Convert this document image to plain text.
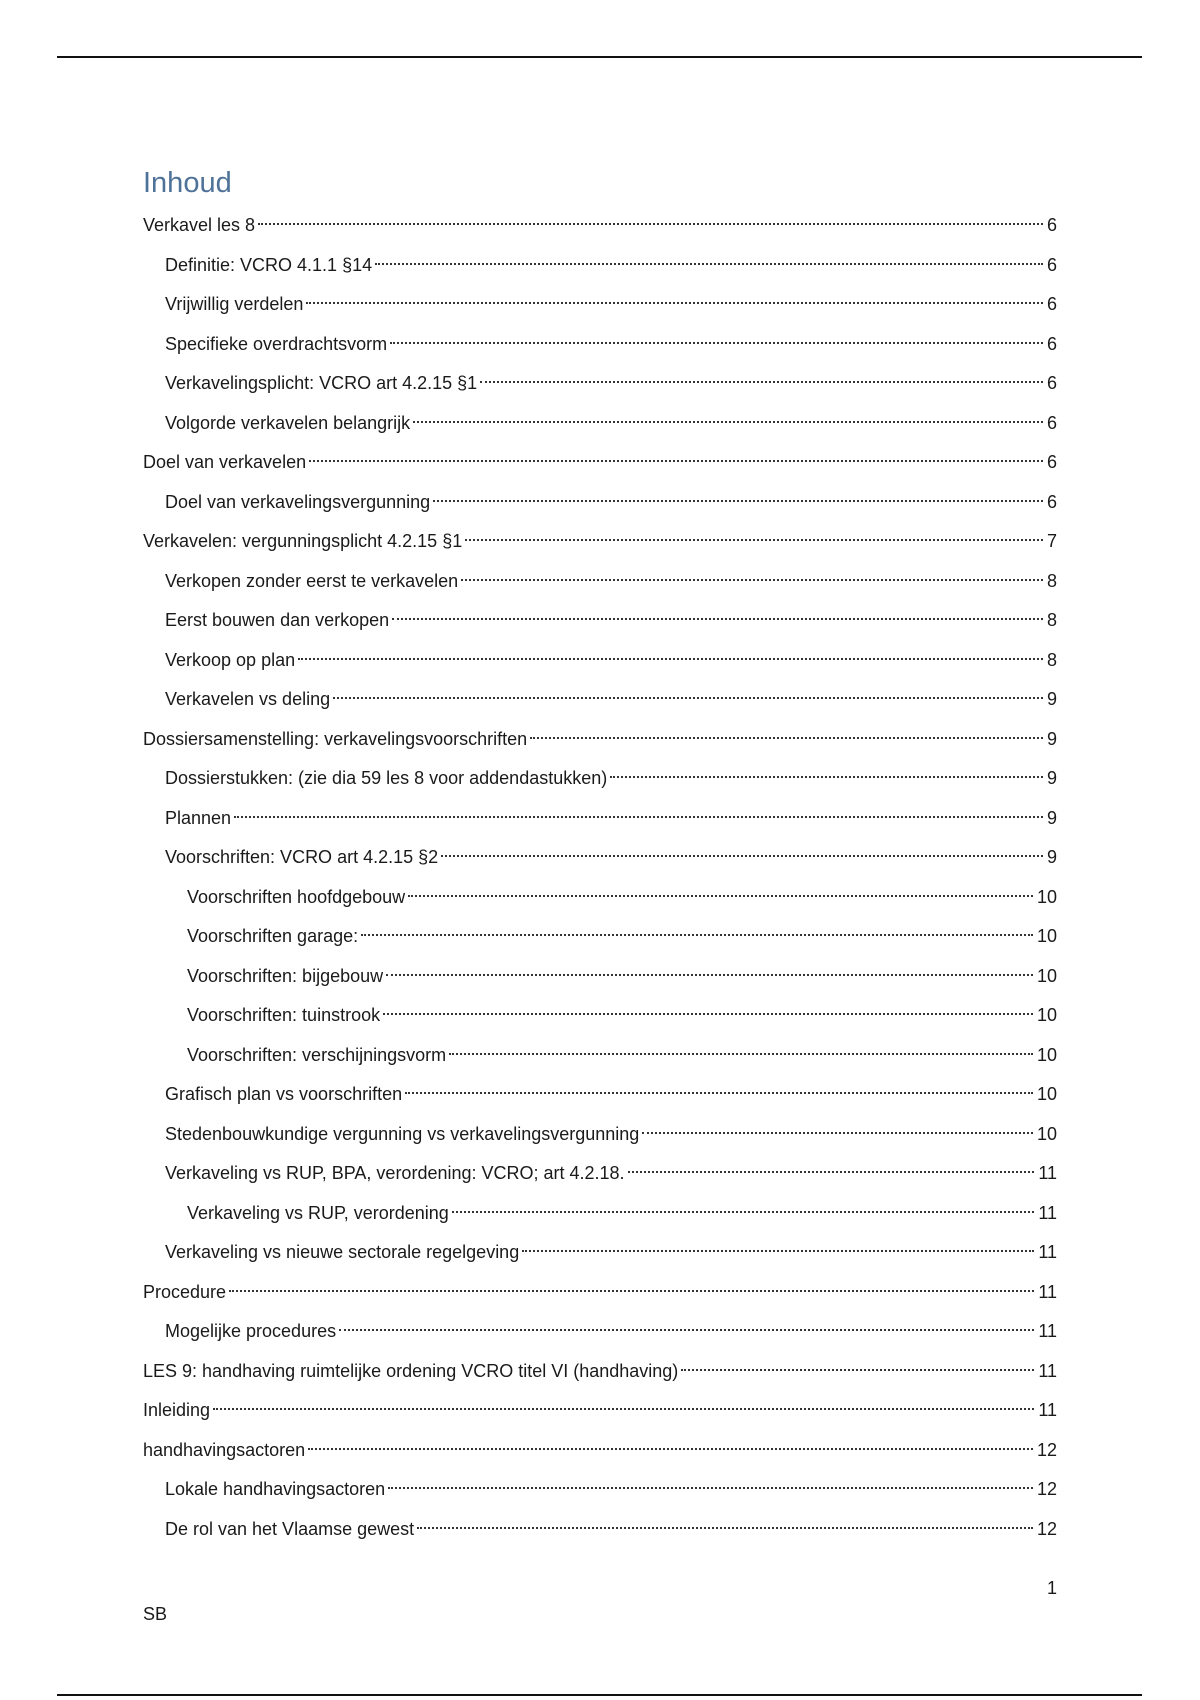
Inhoud
Verkavel les 8	6
Definitie: VCRO 4.1.1 §14	6
Vrijwillig verdelen	6
Specifieke overdrachtsvorm	6
Verkavelingsplicht: VCRO art 4.2.15 §1	6
Volgorde verkavelen belangrijk	6
Doel van verkavelen	6
Doel van verkavelingsvergunning	6
Verkavelen: vergunningsplicht 4.2.15 §1	7
Verkopen zonder eerst te verkavelen	8
Eerst bouwen dan verkopen	8
Verkoop op plan	8
Verkavelen vs deling	9
Dossiersamenstelling: verkavelingsvoorschriften	9
Dossierstukken: (zie dia 59 les 8 voor addendastukken)	9
Plannen	9
Voorschriften: VCRO art 4.2.15 §2	9
Voorschriften hoofdgebouw	10
Voorschriften garage:	10
Voorschriften: bijgebouw	10
Voorschriften: tuinstrook	10
Voorschriften: verschijningsvorm	10
Grafisch plan vs voorschriften	10
Stedenbouwkundige vergunning vs verkavelingsvergunning	10
Verkaveling vs RUP, BPA, verordening: VCRO; art 4.2.18.	11
Verkaveling vs RUP, verordening	11
Verkaveling vs nieuwe sectorale regelgeving	11
Procedure	11
Mogelijke procedures	11
LES 9: handhaving ruimtelijke ordening VCRO titel VI (handhaving)	11
Inleiding	11
handhavingsactoren	12
Lokale handhavingsactoren	12
De rol van het Vlaamse gewest	12
1
SB
